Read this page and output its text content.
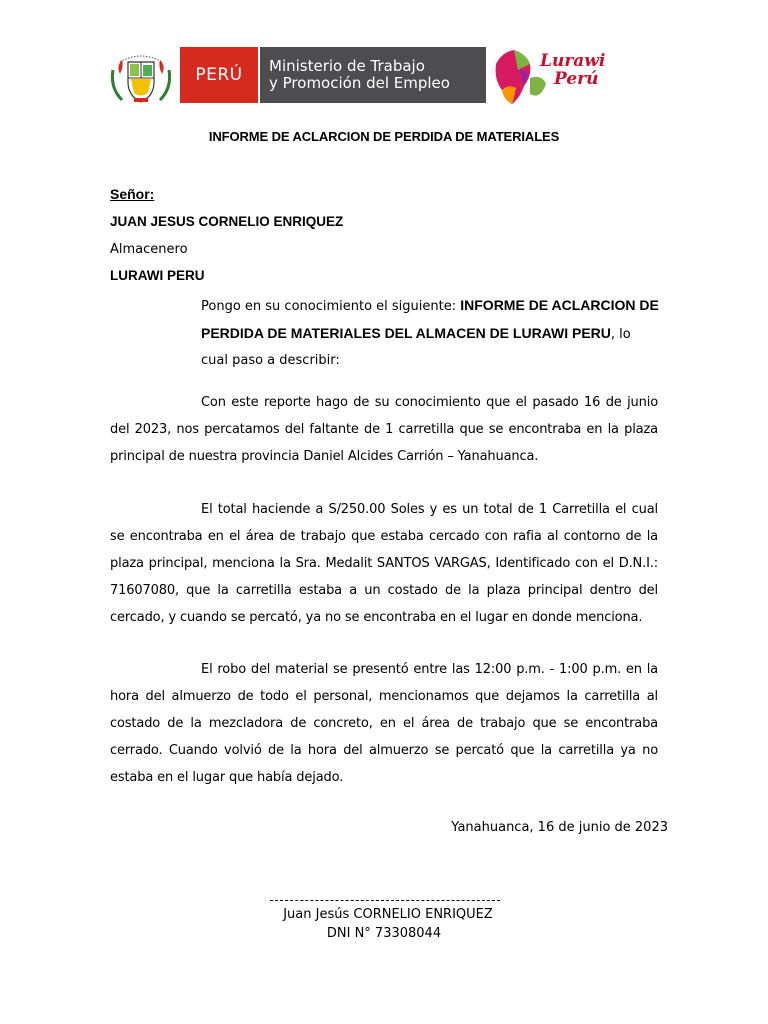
PERÚ	Ministerio de Trabajo
y Promoción del Empleo
Lurawi
Perú
INFORME DE ACLARCION DE PERDIDA DE MATERIALES
Señor:
JUAN JESUS CORNELIO ENRIQUEZ
Almacenero
LURAWI PERU
Pongo en su conocimiento el siguiente: INFORME DE ACLARCION DE PERDIDA DE MATERIALES DEL ALMACEN DE LURAWI PERU, lo cual paso a describir:
Con este reporte hago de su conocimiento que el pasado 16 de junio del 2023, nos percatamos del faltante de 1 carretilla que se encontraba en la plaza principal de nuestra provincia Daniel Alcides Carrión – Yanahuanca.
El total haciende a S/250.00 Soles y es un total de 1 Carretilla el cual se encontraba en el área de trabajo que estaba cercado con rafia al contorno de la plaza principal, menciona la Sra. Medalit SANTOS VARGAS, Identificado con el D.N.I.: 71607080, que la carretilla estaba a un costado de la plaza principal dentro del cercado, y cuando se percató, ya no se encontraba en el lugar en donde menciona.
El robo del material se presentó entre las 12:00 p.m. - 1:00 p.m. en la hora del almuerzo de todo el personal, mencionamos que dejamos la carretilla al costado de la mezcladora de concreto, en el área de trabajo que se encontraba cerrado. Cuando volvió de la hora del almuerzo se percató que la carretilla ya no estaba en el lugar que había dejado.
Yanahuanca, 16 de junio de 2023
Juan Jesús CORNELIO ENRIQUEZ
DNI N° 73308044
